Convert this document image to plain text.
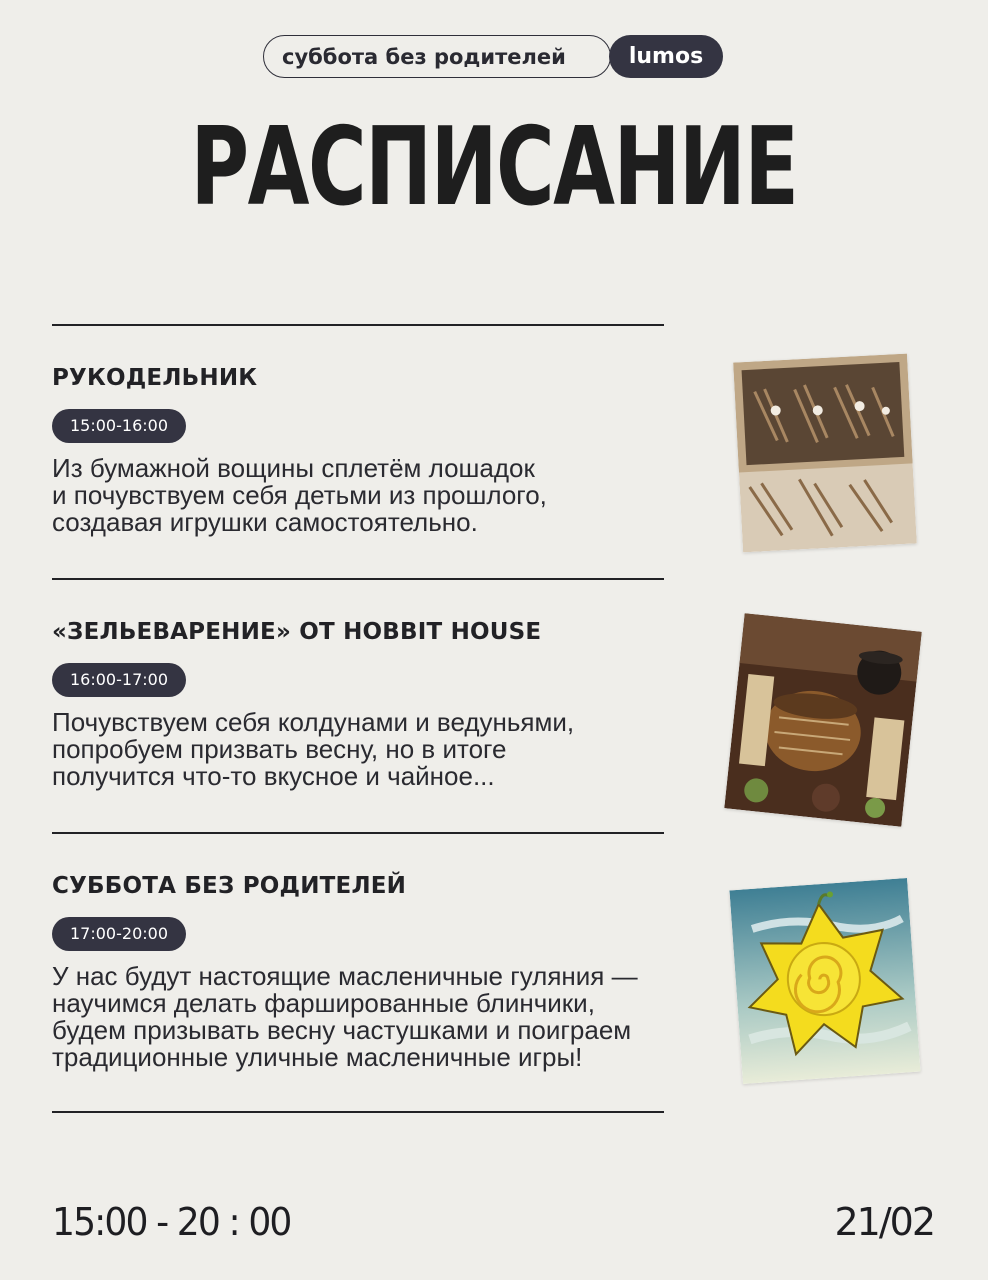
суббота без родителей	lumos
РАСПИСАНИЕ
РУКОДЕЛЬНИК
15:00-16:00
Из бумажной вощины сплетём лошадок
и почувствуем себя детьми из прошлого,
создавая игрушки самостоятельно.
«ЗЕЛЬЕВАРЕНИЕ» ОТ HOBBIT HOUSE
16:00-17:00
Почувствуем себя колдунами и ведуньями,
попробуем призвать весну, но в итоге
получится что-то вкусное и чайное...
СУББОТА БЕЗ РОДИТЕЛЕЙ
17:00-20:00
У нас будут настоящие масленичные гуляния —
научимся делать фаршированные блинчики,
будем призывать весну частушками и поиграем
традиционные уличные масленичные игры!
15:00 - 20 : 00	21/02
